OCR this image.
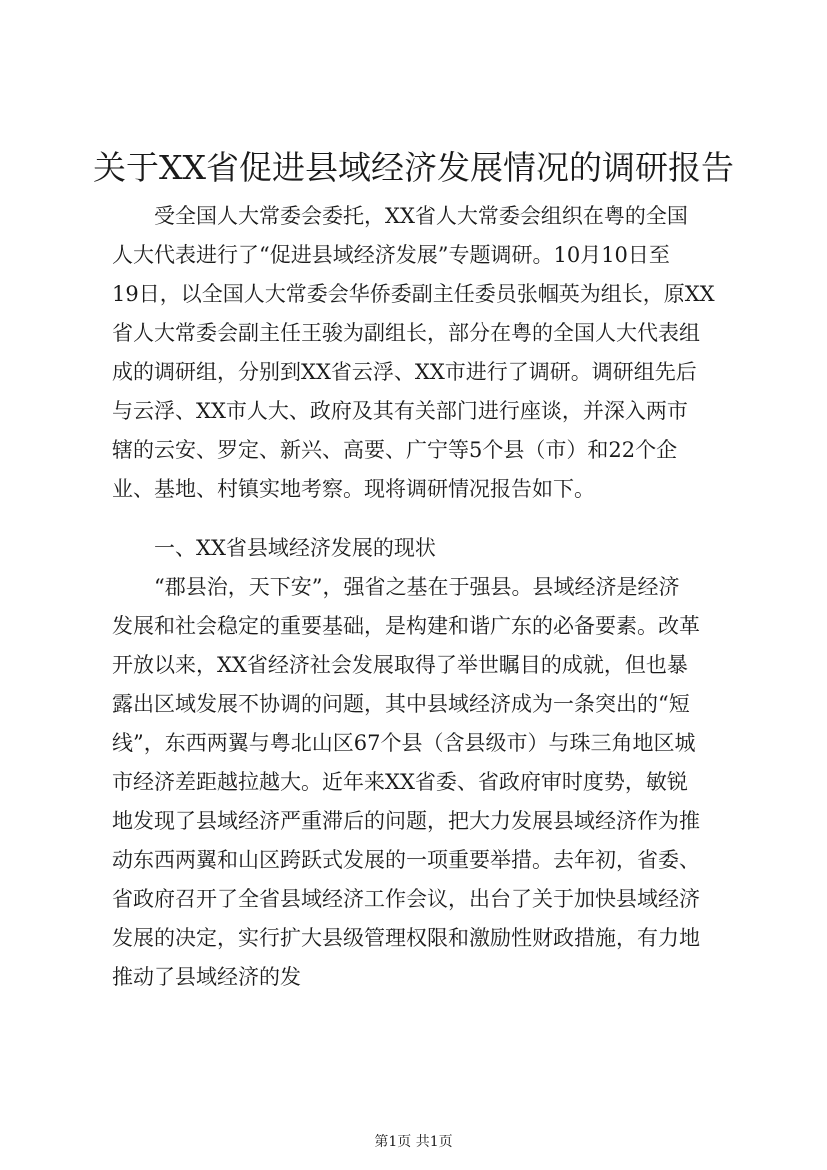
关于XX省促进县域经济发展情况的调研报告

　　受全国人大常委会委托，XX省人大常委会组织在粤的全国

人大代表进行了“促进县域经济发展”专题调研。10月10日至

19日，以全国人大常委会华侨委副主任委员张帼英为组长，原XX

省人大常委会副主任王骏为副组长，部分在粤的全国人大代表组

成的调研组，分别到XX省云浮、XX市进行了调研。调研组先后

与云浮、XX市人大、政府及其有关部门进行座谈，并深入两市

辖的云安、罗定、新兴、高要、广宁等5个县（市）和22个企

业、基地、村镇实地考察。现将调研情况报告如下。

　　一、XX省县域经济发展的现状

　　“郡县治，天下安”，强省之基在于强县。县域经济是经济

发展和社会稳定的重要基础，是构建和谐广东的必备要素。改革

开放以来，XX省经济社会发展取得了举世瞩目的成就，但也暴

露出区域发展不协调的问题，其中县域经济成为一条突出的“短

线”，东西两翼与粤北山区67个县（含县级市）与珠三角地区城

市经济差距越拉越大。近年来XX省委、省政府审时度势，敏锐

地发现了县域经济严重滞后的问题，把大力发展县域经济作为推

动东西两翼和山区跨跃式发展的一项重要举措。去年初，省委、

省政府召开了全省县域经济工作会议，出台了关于加快县域经济

发展的决定，实行扩大县级管理权限和激励性财政措施，有力地

推动了县域经济的发

第1页 共1页
